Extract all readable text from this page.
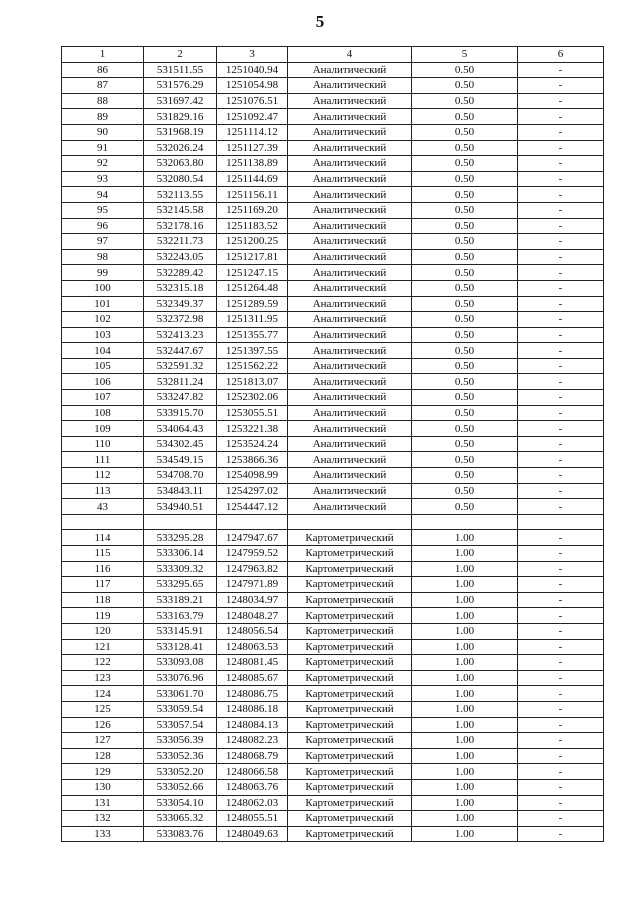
5
1	2	3	4	5	6
86	531511.55	1251040.94	Аналитический	0.50	-
87	531576.29	1251054.98	Аналитический	0.50	-
88	531697.42	1251076.51	Аналитический	0.50	-
89	531829.16	1251092.47	Аналитический	0.50	-
90	531968.19	1251114.12	Аналитический	0.50	-
91	532026.24	1251127.39	Аналитический	0.50	-
92	532063.80	1251138.89	Аналитический	0.50	-
93	532080.54	1251144.69	Аналитический	0.50	-
94	532113.55	1251156.11	Аналитический	0.50	-
95	532145.58	1251169.20	Аналитический	0.50	-
96	532178.16	1251183.52	Аналитический	0.50	-
97	532211.73	1251200.25	Аналитический	0.50	-
98	532243.05	1251217.81	Аналитический	0.50	-
99	532289.42	1251247.15	Аналитический	0.50	-
100	532315.18	1251264.48	Аналитический	0.50	-
101	532349.37	1251289.59	Аналитический	0.50	-
102	532372.98	1251311.95	Аналитический	0.50	-
103	532413.23	1251355.77	Аналитический	0.50	-
104	532447.67	1251397.55	Аналитический	0.50	-
105	532591.32	1251562.22	Аналитический	0.50	-
106	532811.24	1251813.07	Аналитический	0.50	-
107	533247.82	1252302.06	Аналитический	0.50	-
108	533915.70	1253055.51	Аналитический	0.50	-
109	534064.43	1253221.38	Аналитический	0.50	-
110	534302.45	1253524.24	Аналитический	0.50	-
111	534549.15	1253866.36	Аналитический	0.50	-
112	534708.70	1254098.99	Аналитический	0.50	-
113	534843.11	1254297.02	Аналитический	0.50	-
43	534940.51	1254447.12	Аналитический	0.50	-

114	533295.28	1247947.67	Картометрический	1.00	-
115	533306.14	1247959.52	Картометрический	1.00	-
116	533309.32	1247963.82	Картометрический	1.00	-
117	533295.65	1247971.89	Картометрический	1.00	-
118	533189.21	1248034.97	Картометрический	1.00	-
119	533163.79	1248048.27	Картометрический	1.00	-
120	533145.91	1248056.54	Картометрический	1.00	-
121	533128.41	1248063.53	Картометрический	1.00	-
122	533093.08	1248081.45	Картометрический	1.00	-
123	533076.96	1248085.67	Картометрический	1.00	-
124	533061.70	1248086.75	Картометрический	1.00	-
125	533059.54	1248086.18	Картометрический	1.00	-
126	533057.54	1248084.13	Картометрический	1.00	-
127	533056.39	1248082.23	Картометрический	1.00	-
128	533052.36	1248068.79	Картометрический	1.00	-
129	533052.20	1248066.58	Картометрический	1.00	-
130	533052.66	1248063.76	Картометрический	1.00	-
131	533054.10	1248062.03	Картометрический	1.00	-
132	533065.32	1248055.51	Картометрический	1.00	-
133	533083.76	1248049.63	Картометрический	1.00	-
